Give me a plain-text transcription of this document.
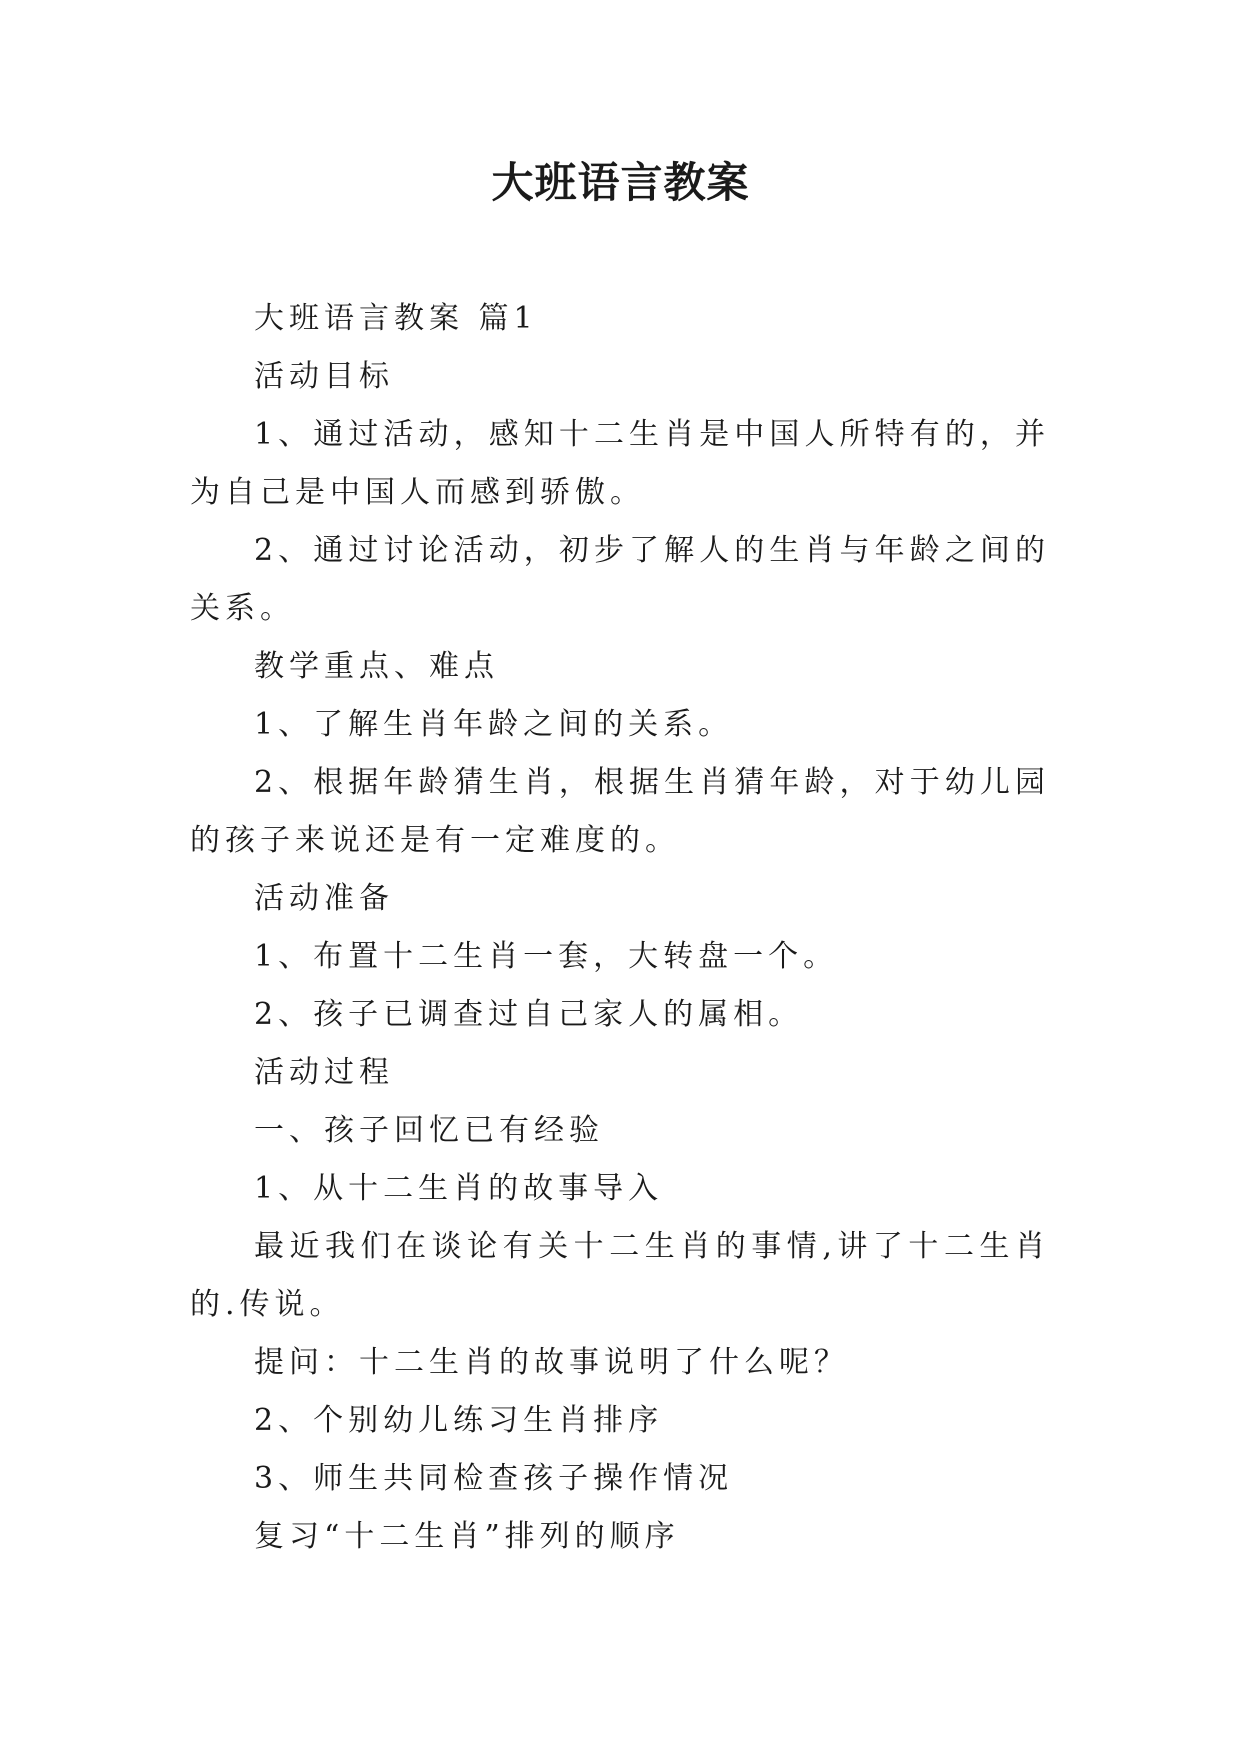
大班语言教案

大班语言教案 篇1

活动目标

1、通过活动，感知十二生肖是中国人所特有的，并为自己是中国人而感到骄傲。

2、通过讨论活动，初步了解人的生肖与年龄之间的关系。

教学重点、难点

1、了解生肖年龄之间的关系。

2、根据年龄猜生肖，根据生肖猜年龄，对于幼儿园的孩子来说还是有一定难度的。

活动准备

1、布置十二生肖一套，大转盘一个。

2、孩子已调查过自己家人的属相。

活动过程

一、孩子回忆已有经验

1、从十二生肖的故事导入

最近我们在谈论有关十二生肖的事情,讲了十二生肖的.传说。

提问：十二生肖的故事说明了什么呢？

2、个别幼儿练习生肖排序

3、师生共同检查孩子操作情况

复习“十二生肖”排列的顺序
